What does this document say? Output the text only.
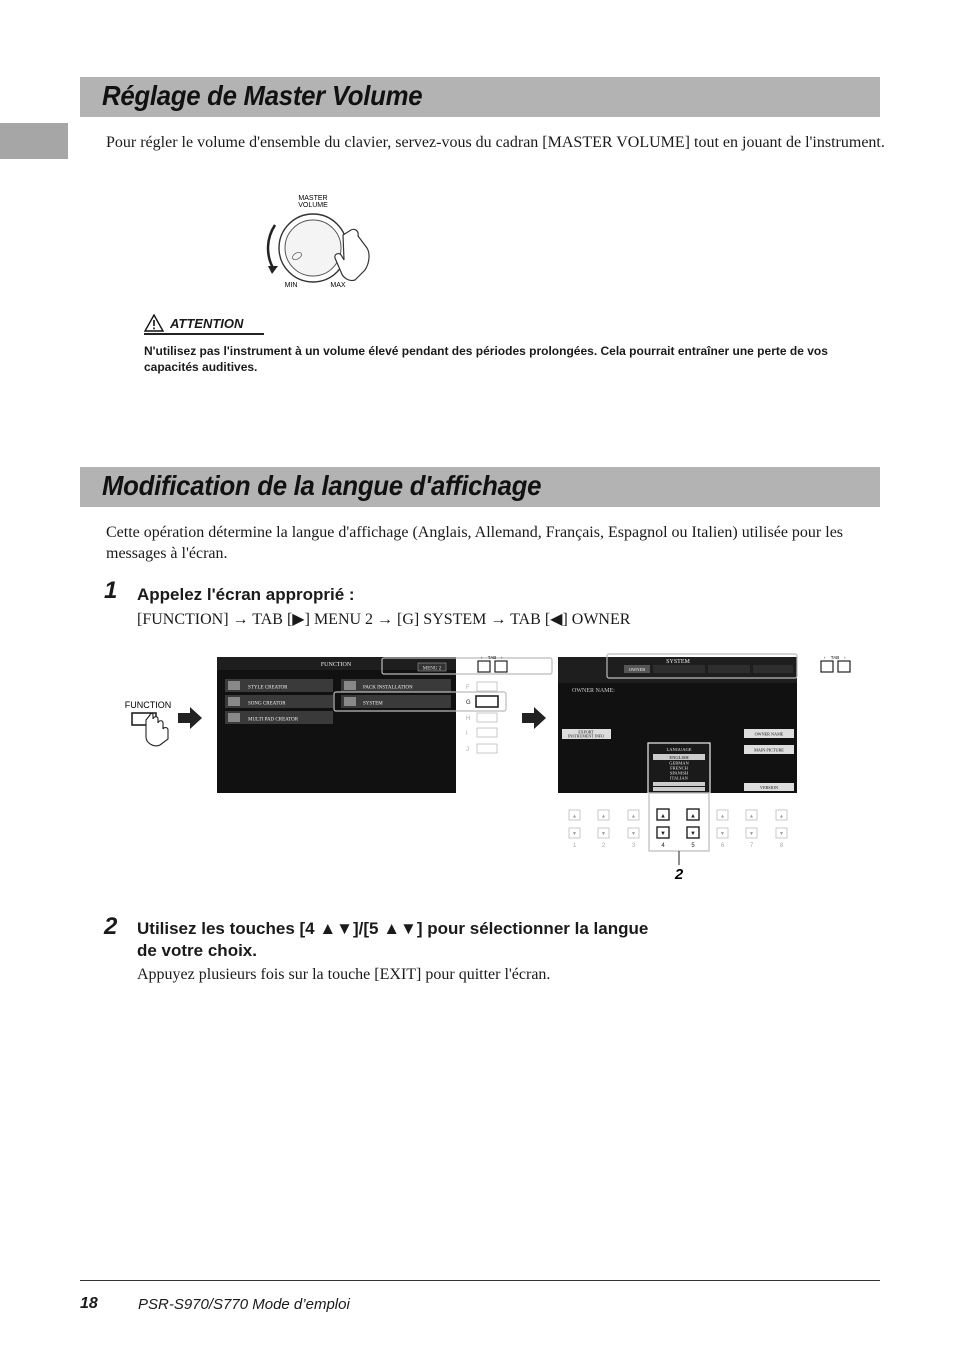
Réglage de Master Volume

Pour régler le volume d'ensemble du clavier, servez-vous du cadran [MASTER VOLUME] tout en jouant de l'instrument.

MASTER
VOLUME
MIN	MAX
ATTENTION

N'utilisez pas l'instrument à un volume élevé pendant des périodes prolongées. Cela pourrait entraîner une perte de vos capacités auditives.

Modification de la langue d'affichage

Cette opération détermine la langue d'affichage (Anglais, Allemand, Français, Espagnol ou Italien) utilisée pour les messages à l'écran.

1 Appelez l'écran approprié :
[FUNCTION] → TAB [▶] MENU 2 → [G] SYSTEM → TAB [◀] OWNER
FUNCTION
FUNCTION
MENU 2
TAB
‹	›
STYLE CREATOR
SONG CREATOR
MULTI PAD CREATOR
PACK INSTALLATION
SYSTEM
F
G
H
I
J
SYSTEM
OWNER
TAB
‹	›
OWNER NAME:
EXPORT
INSTRUMENT INFO	OWNER NAME
MAIN PICTURE
VERSION
LANGUAGE
ENGLISH
GERMAN
FRENCH
SPANISH
ITALIAN
▲	▲	▲	▲	▲	▲	▲	▲
▼	▼	▼	▼	▼	▼	▼	▼
1	2	3	4	5	6	7	8
2
2 Utilisez les touches [4 ▲▼]/[5 ▲▼] pour sélectionner la langue
de votre choix.
Appuyez plusieurs fois sur la touche [EXIT] pour quitter l'écran.
18	PSR-S970/S770 Mode d’emploi
